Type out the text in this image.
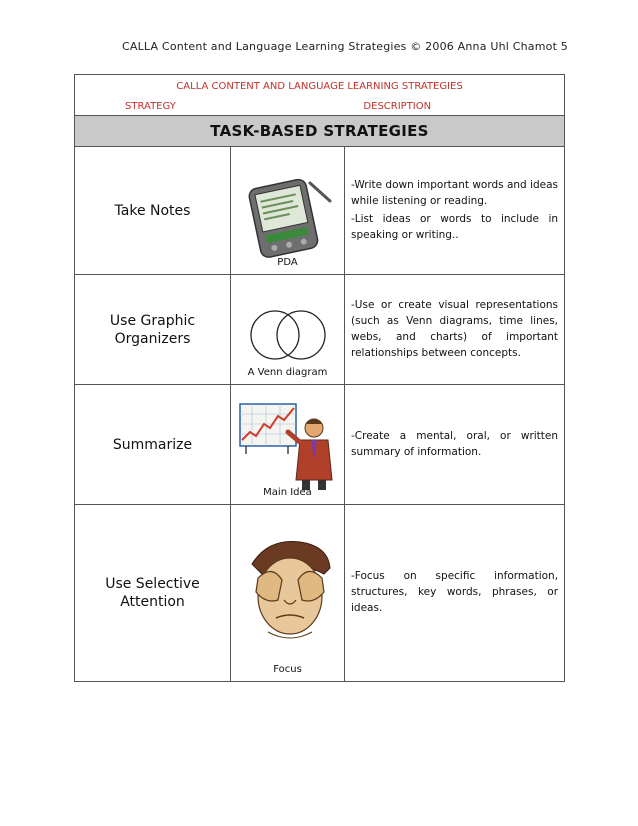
CALLA Content and Language Learning Strategies © 2006 Anna Uhl Chamot 5
CALLA CONTENT AND LANGUAGE LEARNING STRATEGIES		
STRATEGY	DESCRIPTION	
TASK-BASED STRATEGIES		
Take Notes	PDA	-Write down important words and ideas while listening or reading.

-List ideas or words to include in speaking or writing..

Use Graphic Organizers	A Venn diagram	-Use or create visual representations (such as Venn diagrams, time lines, webs, and charts) of important relationships between concepts.

Summarize	Main Idea	-Create a mental, oral, or written summary of information.

Use Selective Attention	Focus	-Focus on specific information, structures, key words, phrases, or ideas.
